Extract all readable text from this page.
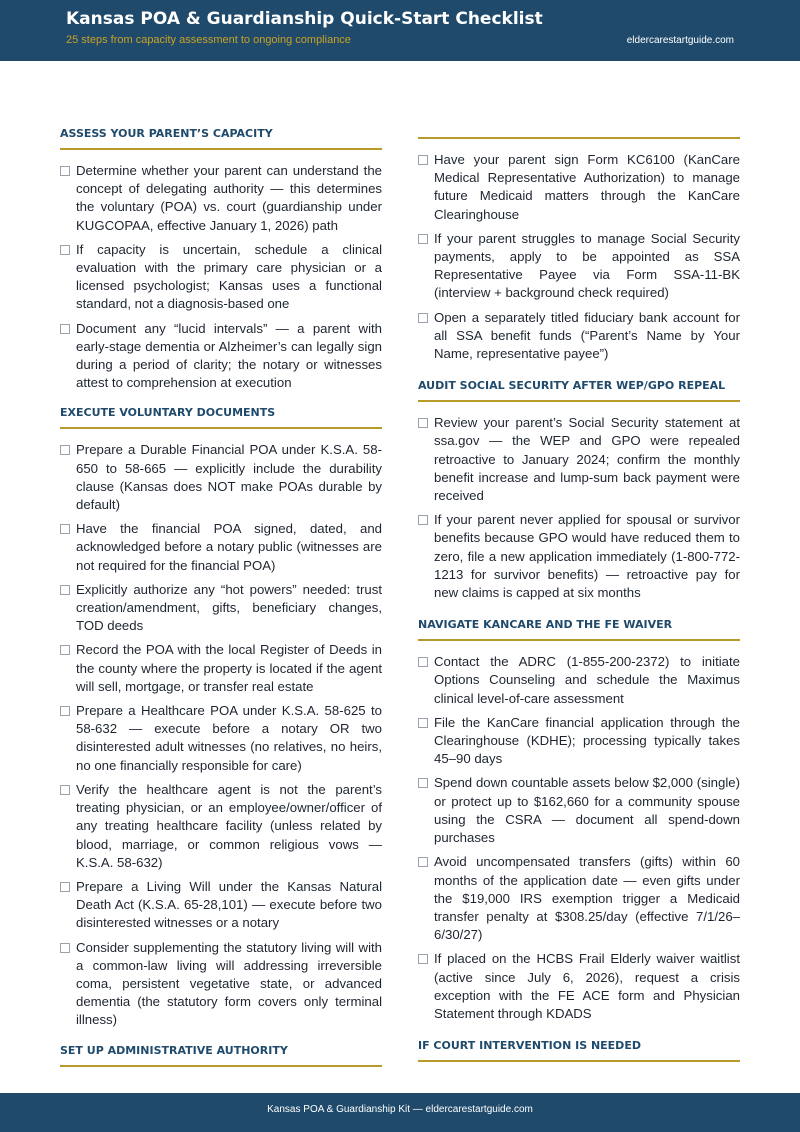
Kansas POA & Guardianship Quick-Start Checklist
25 steps from capacity assessment to ongoing compliance	eldercarestartguide.com
ASSESS YOUR PARENT’S CAPACITY
Determine whether your parent can understand the concept of delegating authority — this determines the voluntary (POA) vs. court (guardianship under KUGCOPAA, effective January 1, 2026) path
If capacity is uncertain, schedule a clinical evaluation with the primary care physician or a licensed psychologist; Kansas uses a functional standard, not a diagnosis-based one
Document any “lucid intervals” — a parent with early-stage dementia or Alzheimer’s can legally sign during a period of clarity; the notary or witnesses attest to comprehension at execution
EXECUTE VOLUNTARY DOCUMENTS
Prepare a Durable Financial POA under K.S.A. 58-650 to 58-665 — explicitly include the durability clause (Kansas does NOT make POAs durable by default)
Have the financial POA signed, dated, and acknowledged before a notary public (witnesses are not required for the financial POA)
Explicitly authorize any “hot powers” needed: trust creation/amendment, gifts, beneficiary changes, TOD deeds
Record the POA with the local Register of Deeds in the county where the property is located if the agent will sell, mortgage, or transfer real estate
Prepare a Healthcare POA under K.S.A. 58-625 to 58-632 — execute before a notary OR two disinterested adult witnesses (no relatives, no heirs, no one financially responsible for care)
Verify the healthcare agent is not the parent’s treating physician, or an employee/owner/officer of any treating healthcare facility (unless related by blood, marriage, or common religious vows — K.S.A. 58-632)
Prepare a Living Will under the Kansas Natural Death Act (K.S.A. 65-28,101) — execute before two disinterested witnesses or a notary
Consider supplementing the statutory living will with a common-law living will addressing irreversible coma, persistent vegetative state, or advanced dementia (the statutory form covers only terminal illness)
SET UP ADMINISTRATIVE AUTHORITY
Have your parent sign Form KC6100 (KanCare Medical Representative Authorization) to manage future Medicaid matters through the KanCare Clearinghouse
If your parent struggles to manage Social Security payments, apply to be appointed as SSA Representative Payee via Form SSA-11-BK (interview + background check required)
Open a separately titled fiduciary bank account for all SSA benefit funds (“Parent’s Name by Your Name, representative payee”)
AUDIT SOCIAL SECURITY AFTER WEP/GPO REPEAL
Review your parent’s Social Security statement at ssa.gov — the WEP and GPO were repealed retroactive to January 2024; confirm the monthly benefit increase and lump-sum back payment were received
If your parent never applied for spousal or survivor benefits because GPO would have reduced them to zero, file a new application immediately (1-800-772-1213 for survivor benefits) — retroactive pay for new claims is capped at six months
NAVIGATE KANCARE AND THE FE WAIVER
Contact the ADRC (1-855-200-2372) to initiate Options Counseling and schedule the Maximus clinical level-of-care assessment
File the KanCare financial application through the Clearinghouse (KDHE); processing typically takes 45–90 days
Spend down countable assets below $2,000 (single) or protect up to $162,660 for a community spouse using the CSRA — document all spend-down purchases
Avoid uncompensated transfers (gifts) within 60 months of the application date — even gifts under the $19,000 IRS exemption trigger a Medicaid transfer penalty at $308.25/day (effective 7/1/26–6/30/27)
If placed on the HCBS Frail Elderly waiver waitlist (active since July 6, 2026), request a crisis exception with the FE ACE form and Physician Statement through KDADS
IF COURT INTERVENTION IS NEEDED
Kansas POA & Guardianship Kit — eldercarestartguide.com
